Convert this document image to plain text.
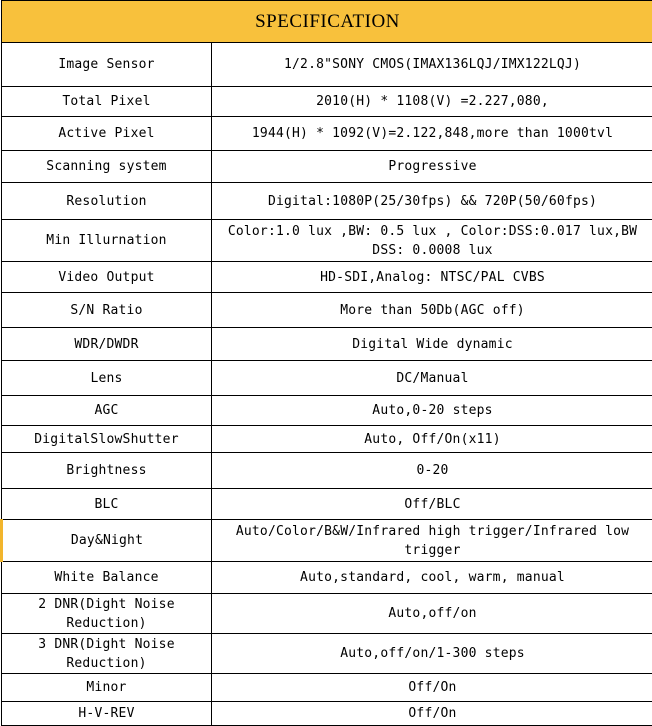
SPECIFICATION	
Image Sensor	1/2.8"SONY CMOS(IMAX136LQJ/IMX122LQJ)
Total Pixel	2010(H) * 1108(V) =2.227,080,
Active Pixel	1944(H) * 1092(V)=2.122,848,more than 1000tvl
Scanning system	Progressive
Resolution	Digital:1080P(25/30fps) && 720P(50/60fps)
Min Illurnation	Color:1.0 lux ,BW: 0.5 lux , Color:DSS:0.017 lux,BW DSS: 0.0008 lux
Video Output	HD-SDI,Analog: NTSC/PAL CVBS
S/N Ratio	More than 50Db(AGC off)
WDR/DWDR	Digital Wide dynamic
Lens	DC/Manual
AGC	Auto,0-20 steps
DigitalSlowShutter	Auto, Off/On(x11)
Brightness	0-20
BLC	Off/BLC
Day&Night	Auto/Color/B&W/Infrared high trigger/Infrared low trigger
White Balance	Auto,standard, cool, warm, manual
2 DNR(Dight Noise Reduction)	Auto,off/on
3 DNR(Dight Noise Reduction)	Auto,off/on/1-300 steps
Minor	Off/On
H-V-REV	Off/On
